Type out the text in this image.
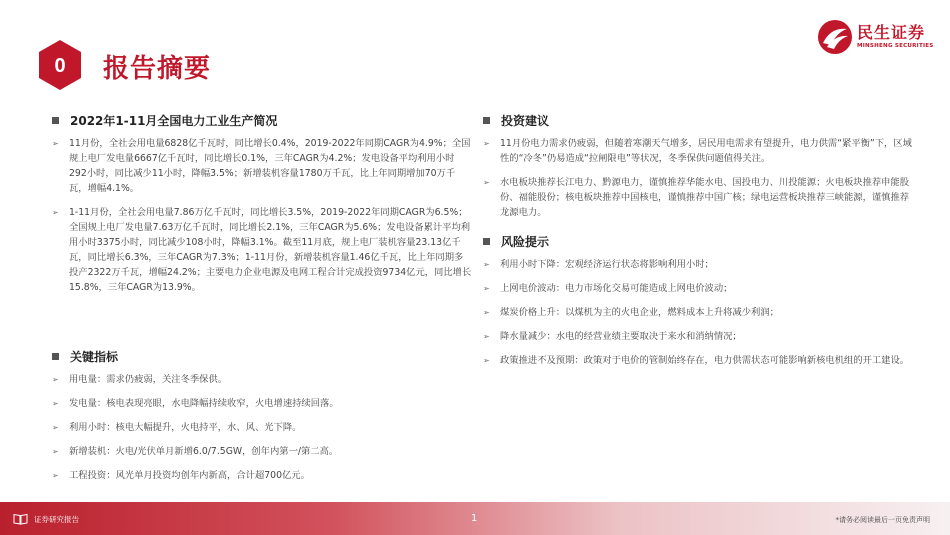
0 报告摘要
民生证券
MINSHENG SECURITIES
2022年1-11月全国电力工业生产简况
➢ 11月份，全社会用电量6828亿千瓦时，同比增长0.4%，2019-2022年同期CAGR为4.9%；全国规上电厂发电量6667亿千瓦时，同比增长0.1%，三年CAGR为4.2%；发电设备平均利用小时292小时，同比减少11小时，降幅3.5%；新增装机容量1780万千瓦，比上年同期增加70万千瓦，增幅4.1%。
➢ 1-11月份，全社会用电量7.86万亿千瓦时，同比增长3.5%，2019-2022年同期CAGR为6.5%；全国规上电厂发电量7.63万亿千瓦时，同比增长2.1%，三年CAGR为5.6%；发电设备累计平均利用小时3375小时，同比减少108小时，降幅3.1%。截至11月底，规上电厂装机容量23.13亿千瓦，同比增长6.3%，三年CAGR为7.3%；1-11月份，新增装机容量1.46亿千瓦，比上年同期多投产2322万千瓦，增幅24.2%；主要电力企业电源及电网工程合计完成投资9734亿元，同比增长15.8%，三年CAGR为13.9%。
关键指标
➢ 用电量：需求仍疲弱，关注冬季保供。
➢ 发电量：核电表现亮眼，水电降幅持续收窄，火电增速持续回落。
➢ 利用小时：核电大幅提升，火电持平，水、风、光下降。
➢ 新增装机：火电/光伏单月新增6.0/7.5GW，创年内第一/第二高。
➢ 工程投资：风光单月投资均创年内新高，合计超700亿元。
投资建议
➢ 11月份电力需求仍疲弱，但随着寒潮天气增多，居民用电需求有望提升，电力供需“紧平衡”下，区域性的“冷冬”仍易造成“拉闸限电”等状况，冬季保供问题值得关注。
➢ 水电板块推荐长江电力、黔源电力，谨慎推荐华能水电、国投电力、川投能源；火电板块推荐申能股份、福能股份；核电板块推荐中国核电，谨慎推荐中国广核；绿电运营板块推荐三峡能源，谨慎推荐龙源电力。
风险提示
➢ 利用小时下降：宏观经济运行状态将影响利用小时；
➢ 上网电价波动：电力市场化交易可能造成上网电价波动；
➢ 煤炭价格上升：以煤机为主的火电企业，燃料成本上升将减少利润；
➢ 降水量减少：水电的经营业绩主要取决于来水和消纳情况；
➢ 政策推进不及预期：政策对于电价的管制始终存在，电力供需状态可能影响新核电机组的开工建设。
证券研究报告	1	*请务必阅读最后一页免责声明
